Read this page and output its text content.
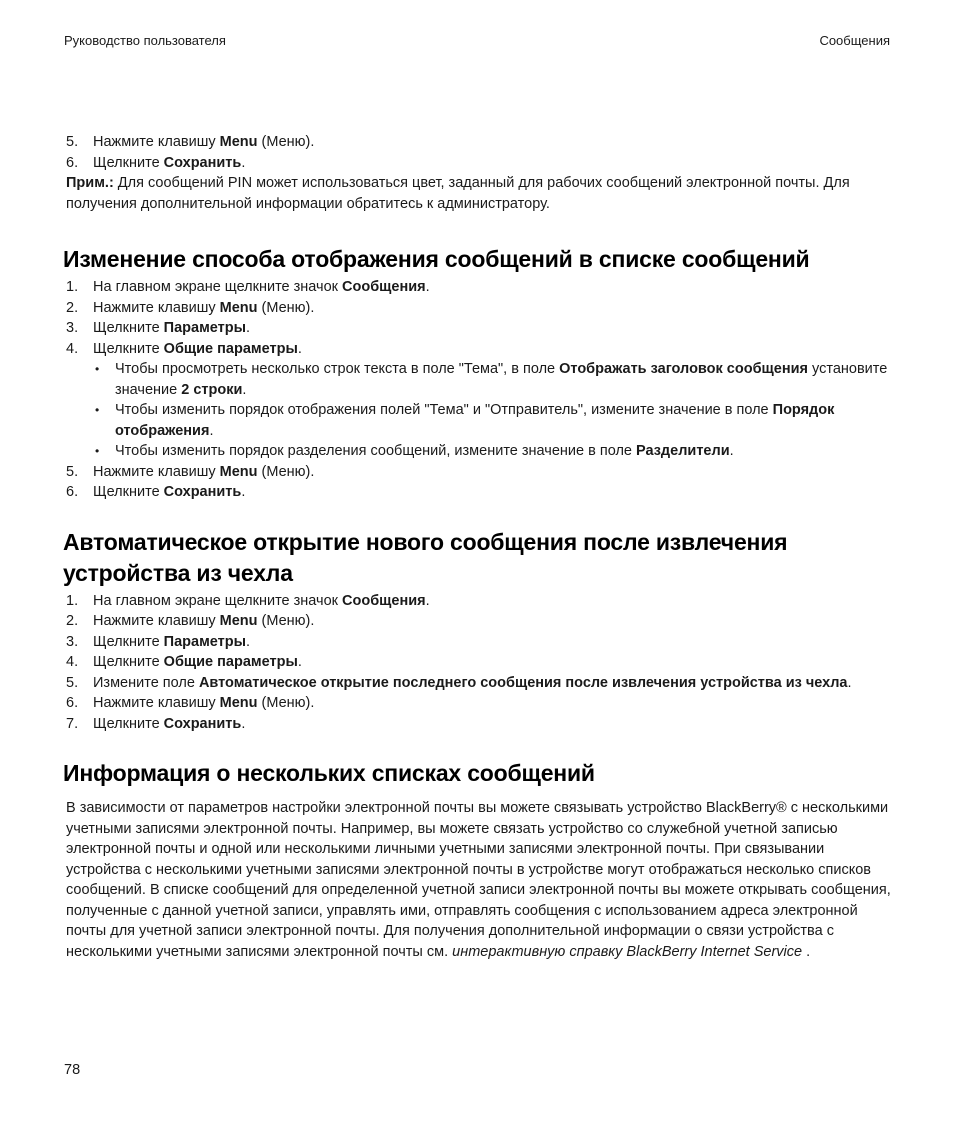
Руководство пользователя	Сообщения
5. Нажмите клавишу Menu (Меню).
6. Щелкните Сохранить.

Прим.: Для сообщений PIN может использоваться цвет, заданный для рабочих сообщений электронной почты. Для получения дополнительной информации обратитесь к администратору.

Изменение способа отображения сообщений в списке сообщений
1. На главном экране щелкните значок Сообщения.
2. Нажмите клавишу Menu (Меню).
3. Щелкните Параметры.
4. Щелкните Общие параметры.
• Чтобы просмотреть несколько строк текста в поле "Тема", в поле Отображать заголовок сообщения установите значение 2 строки.
• Чтобы изменить порядок отображения полей "Тема" и "Отправитель", измените значение в поле Порядок отображения.
• Чтобы изменить порядок разделения сообщений, измените значение в поле Разделители.
5. Нажмите клавишу Menu (Меню).
6. Щелкните Сохранить.
Автоматическое открытие нового сообщения после извлечения устройства из чехла
1. На главном экране щелкните значок Сообщения.
2. Нажмите клавишу Menu (Меню).
3. Щелкните Параметры.
4. Щелкните Общие параметры.
5. Измените поле Автоматическое открытие последнего сообщения после извлечения устройства из чехла.
6. Нажмите клавишу Menu (Меню).
7. Щелкните Сохранить.
Информация о нескольких списках сообщений

В зависимости от параметров настройки электронной почты вы можете связывать устройство BlackBerry® с несколькими учетными записями электронной почты. Например, вы можете связать устройство со служебной учетной записью электронной почты и одной или несколькими личными учетными записями электронной почты. При связывании устройства с несколькими учетными записями электронной почты в устройстве могут отображаться несколько списков сообщений. В списке сообщений для определенной учетной записи электронной почты вы можете открывать сообщения, полученные с данной учетной записи, управлять ими, отправлять сообщения с использованием адреса электронной почты для учетной записи электронной почты. Для получения дополнительной информации о связи устройства с несколькими учетными записями электронной почты см. интерактивную справку BlackBerry Internet Service .

78
